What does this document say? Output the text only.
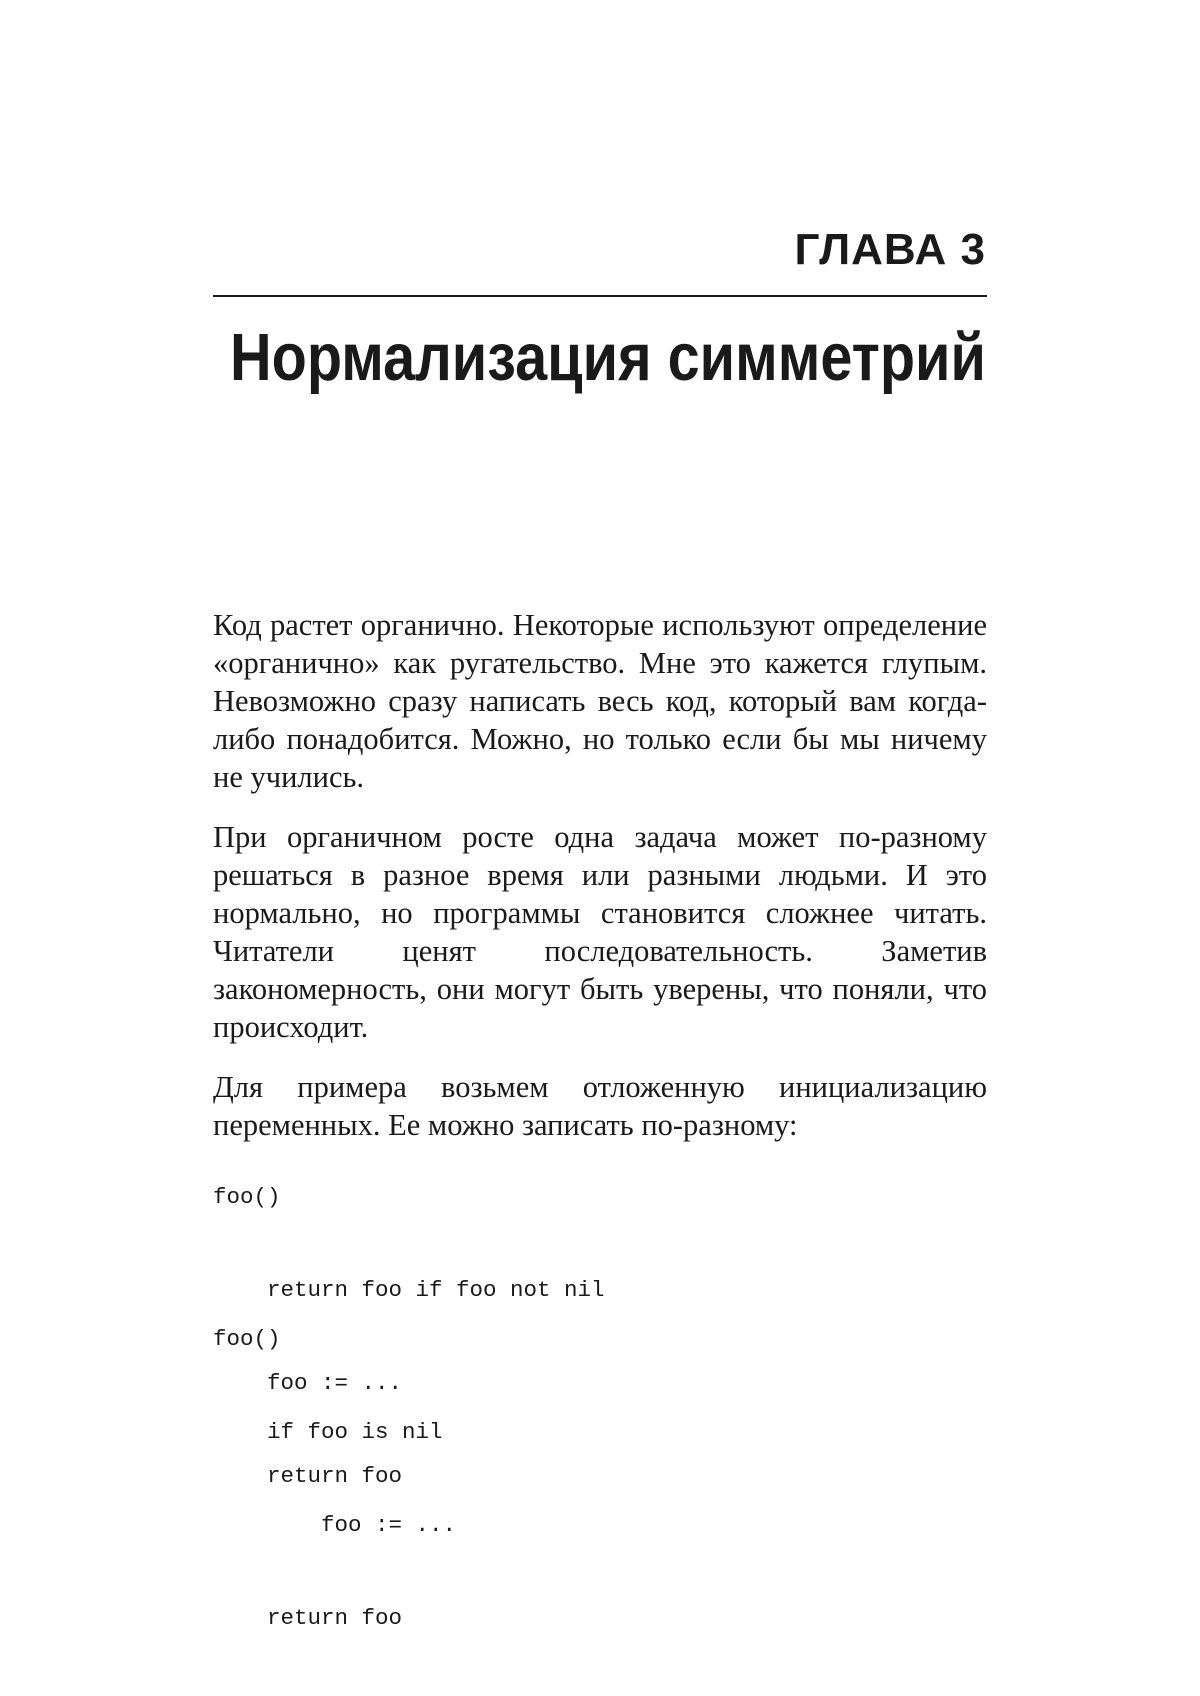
ГЛАВА 3
Нормализация симметрий

Код растет органично. Некоторые используют определение «органично» как ругательство. Мне это кажется глупым. Невозможно сразу написать весь код, который вам когда-либо понадобится. Можно, но только если бы мы ничему не учились.

При органичном росте одна задача может по-разному решаться в разное время или разными людьми. И это нормально, но программы становится сложнее читать. Читатели ценят последовательность. Заметив закономерность, они могут быть уверены, что поняли, что происходит.

Для примера возьмем отложенную инициализацию переменных. Ее можно записать по-разному:

foo()

return foo if foo not nil

foo := ...

return foo

foo()

if foo is nil

foo := ...

return foo
